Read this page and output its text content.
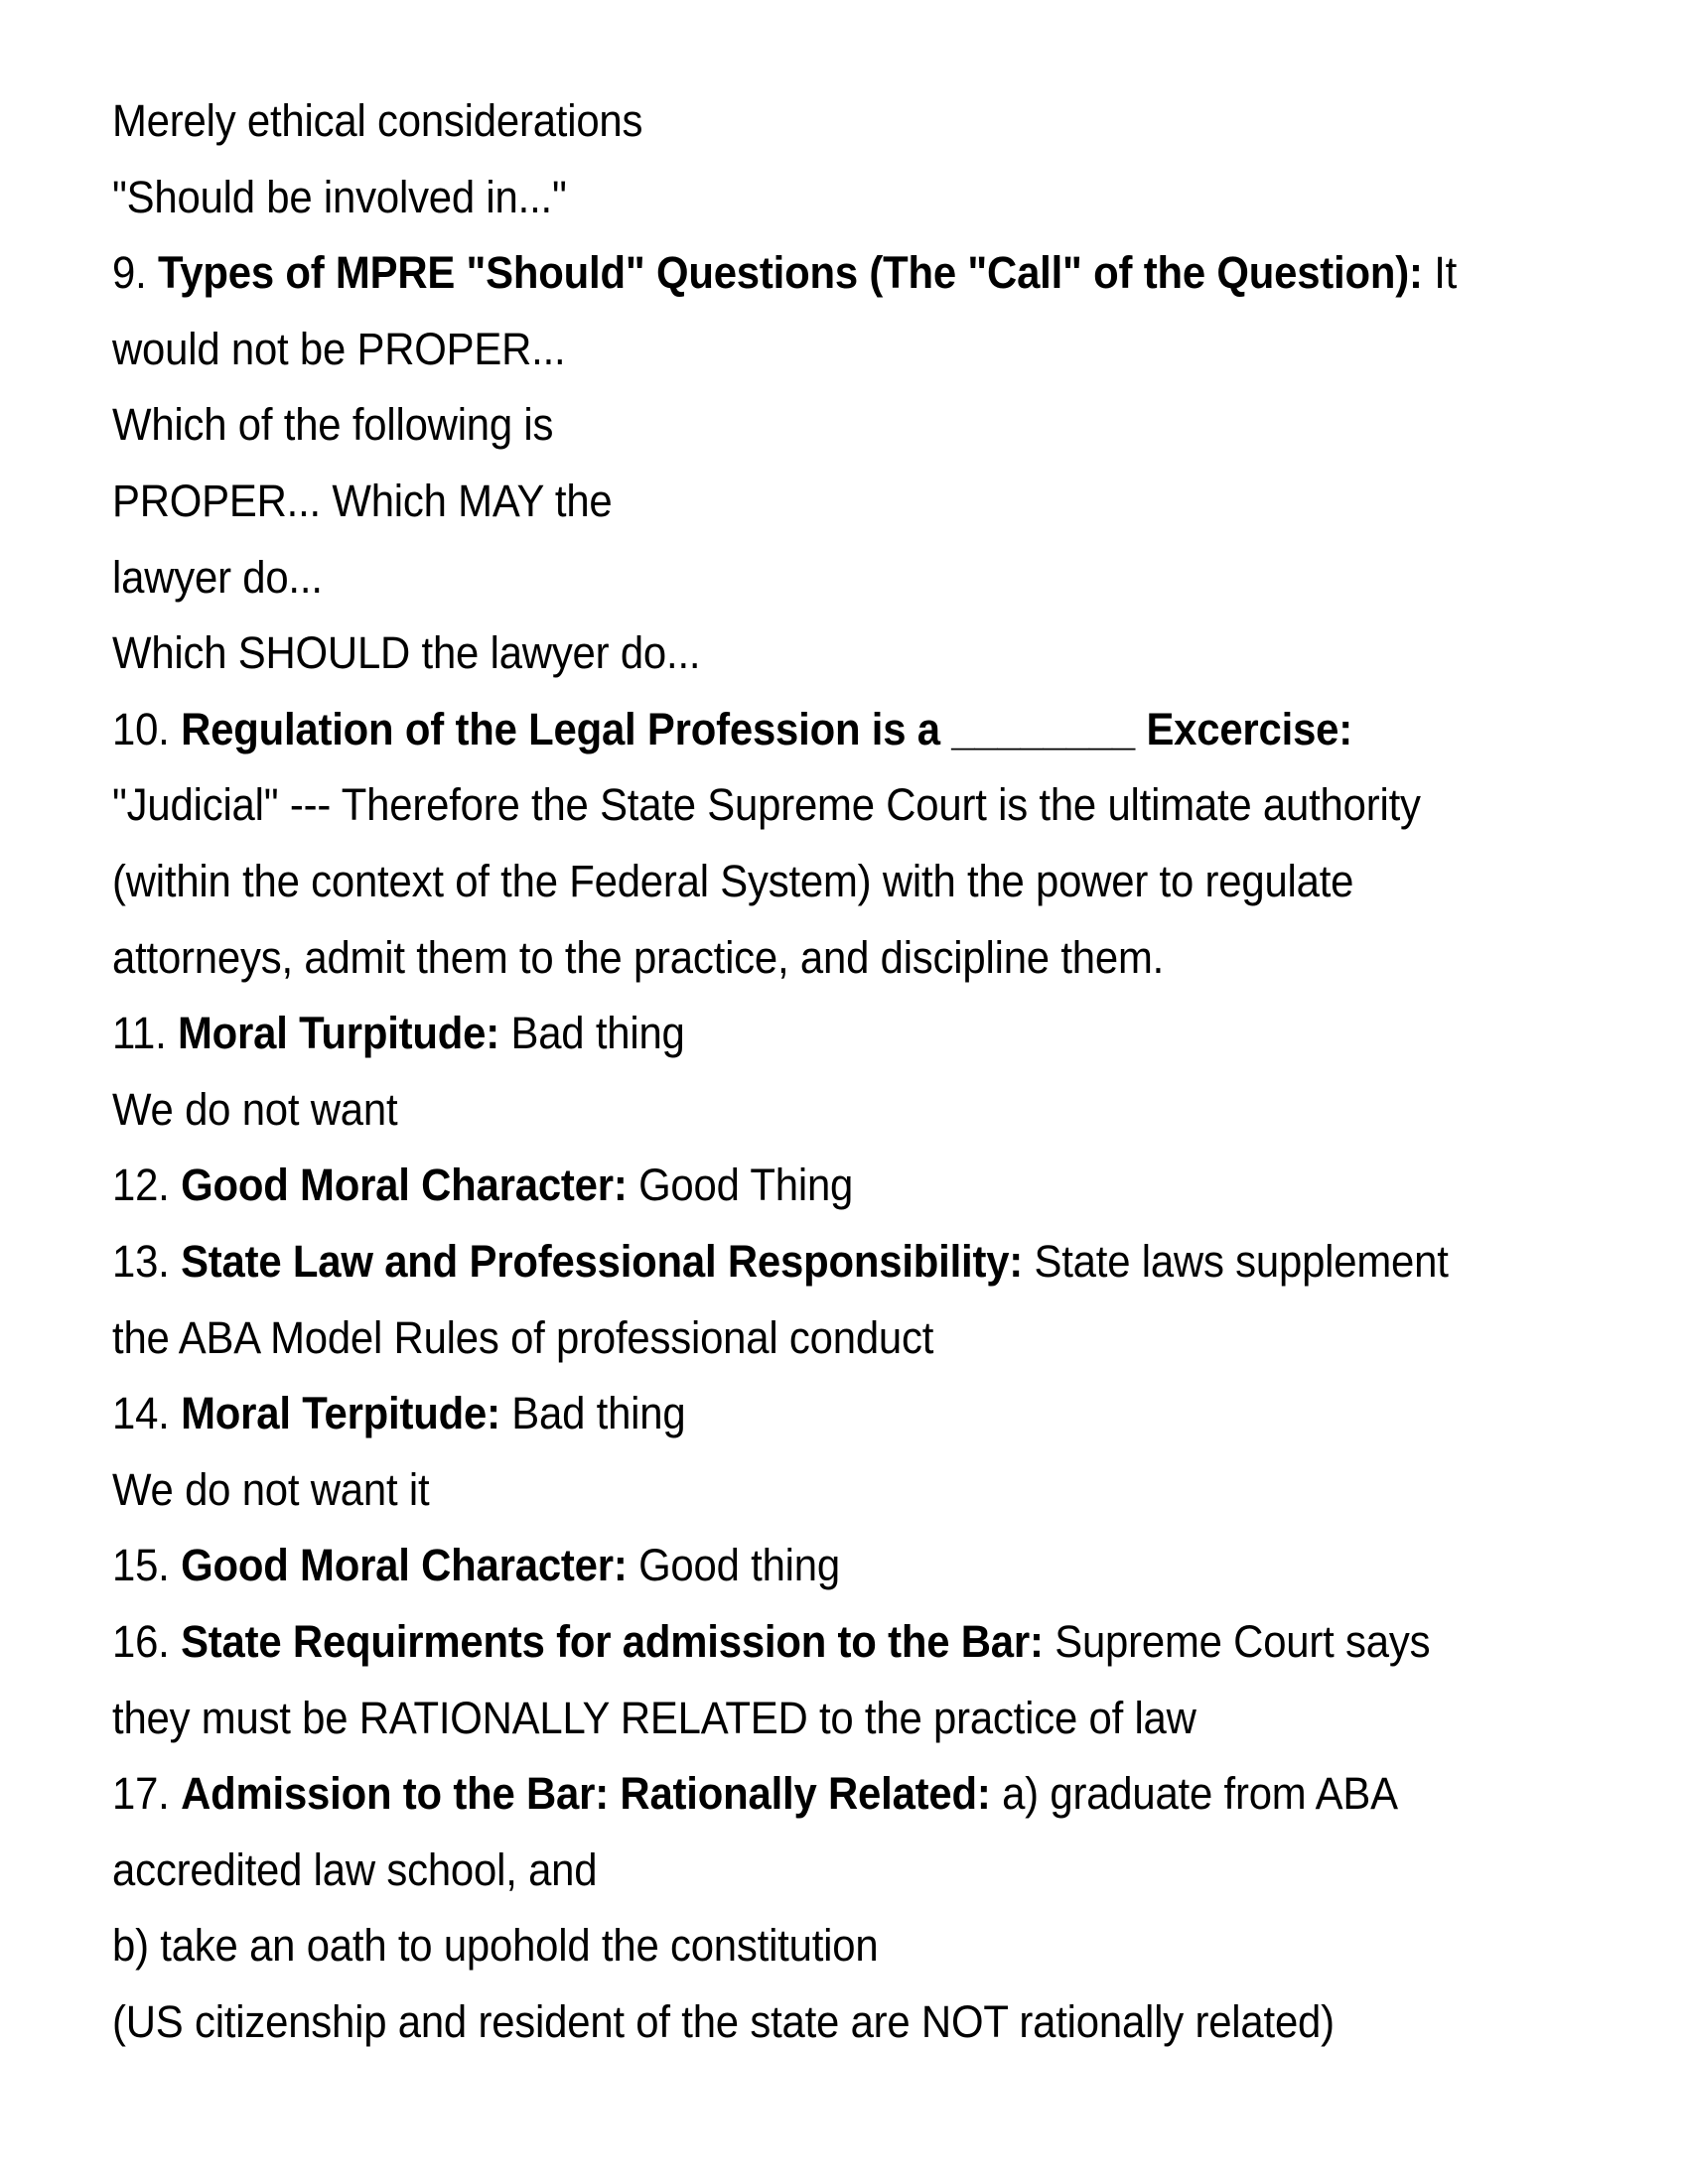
Merely ethical considerations
"Should be involved in..."
9. Types of MPRE "Should" Questions (The "Call" of the Question): It
would not be PROPER...
Which of the following is
PROPER... Which MAY the
lawyer do...
Which SHOULD the lawyer do...
10. Regulation of the Legal Profession is a ________ Excercise:
"Judicial" --- Therefore the State Supreme Court is the ultimate authority
(within the context of the Federal System) with the power to regulate
attorneys, admit them to the practice, and discipline them.
11. Moral Turpitude: Bad thing
We do not want
12. Good Moral Character: Good Thing
13. State Law and Professional Responsibility: State laws supplement
the ABA Model Rules of professional conduct
14. Moral Terpitude: Bad thing
We do not want it
15. Good Moral Character: Good thing
16. State Requirments for admission to the Bar: Supreme Court says
they must be RATIONALLY RELATED to the practice of law
17. Admission to the Bar: Rationally Related: a) graduate from ABA
accredited law school, and
b) take an oath to upohold the constitution
(US citizenship and resident of the state are NOT rationally related)
